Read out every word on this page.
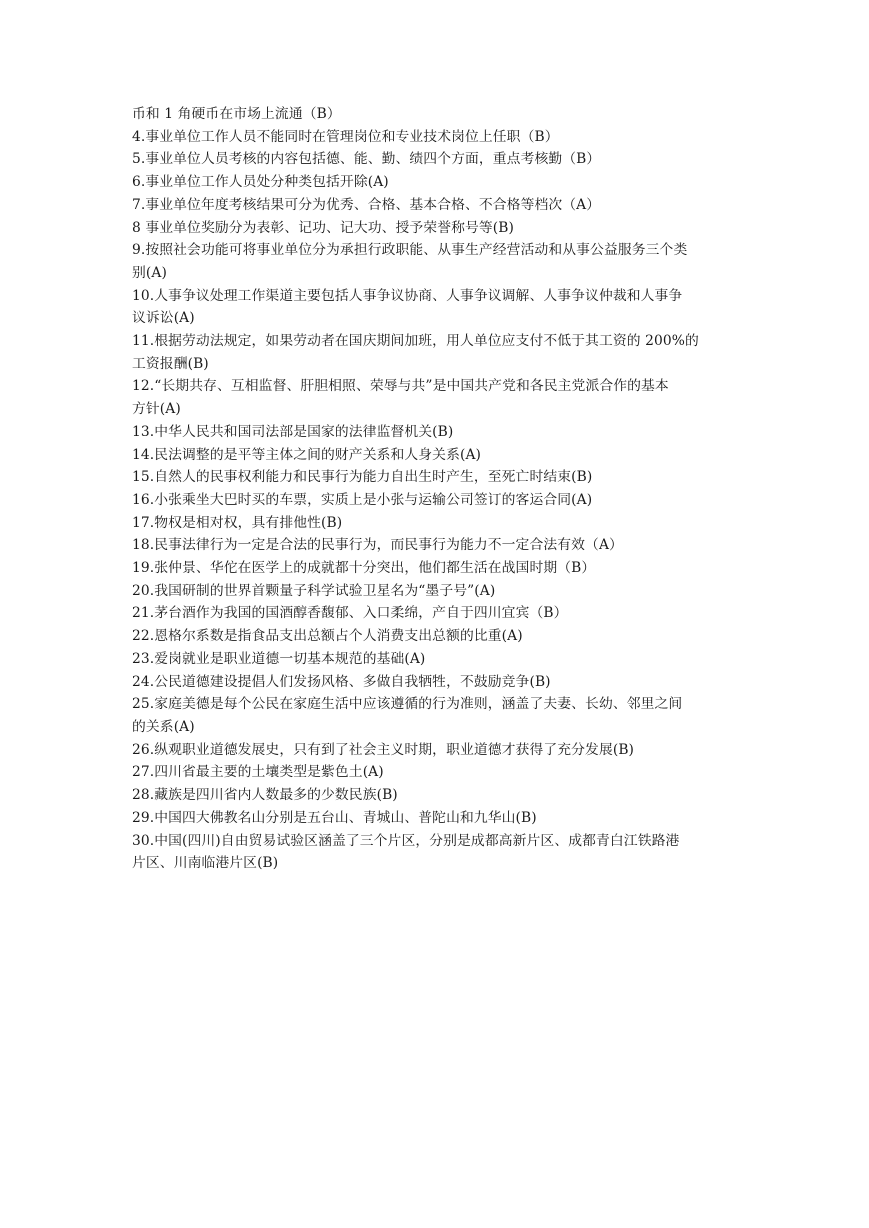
币和 1 角硬币在市场上流通（B）
4.事业单位工作人员不能同时在管理岗位和专业技术岗位上任职（B）
5.事业单位人员考核的内容包括德、能、勤、绩四个方面，重点考核勤（B）
6.事业单位工作人员处分种类包括开除(A)
7.事业单位年度考核结果可分为优秀、合格、基本合格、不合格等档次（A）
8 事业单位奖励分为表彰、记功、记大功、授予荣誉称号等(B)
9.按照社会功能可将事业单位分为承担行政职能、从事生产经营活动和从事公益服务三个类
别(A)
10.人事争议处理工作渠道主要包括人事争议协商、人事争议调解、人事争议仲裁和人事争
议诉讼(A)
11.根据劳动法规定，如果劳动者在国庆期间加班，用人单位应支付不低于其工资的 200%的
工资报酬(B)
12.“长期共存、互相监督、肝胆相照、荣辱与共”是中国共产党和各民主党派合作的基本
方针(A)
13.中华人民共和国司法部是国家的法律监督机关(B)
14.民法调整的是平等主体之间的财产关系和人身关系(A)
15.自然人的民事权利能力和民事行为能力自出生时产生，至死亡时结束(B)
16.小张乘坐大巴时买的车票，实质上是小张与运输公司签订的客运合同(A)
17.物权是相对权，具有排他性(B)
18.民事法律行为一定是合法的民事行为，而民事行为能力不一定合法有效（A）
19.张仲景、华佗在医学上的成就都十分突出，他们都生活在战国时期（B）
20.我国研制的世界首颗量子科学试验卫星名为“墨子号”(A)
21.茅台酒作为我国的国酒醇香馥郁、入口柔绵，产自于四川宜宾（B）
22.恩格尔系数是指食品支出总额占个人消费支出总额的比重(A)
23.爱岗就业是职业道德一切基本规范的基础(A)
24.公民道德建设提倡人们发扬风格、多做自我牺牲，不鼓励竞争(B)
25.家庭美德是每个公民在家庭生活中应该遵循的行为准则，涵盖了夫妻、长幼、邻里之间
的关系(A)
26.纵观职业道德发展史，只有到了社会主义时期，职业道德才获得了充分发展(B)
27.四川省最主要的土壤类型是紫色土(A)
28.藏族是四川省内人数最多的少数民族(B)
29.中国四大佛教名山分别是五台山、青城山、普陀山和九华山(B)
30.中国(四川)自由贸易试验区涵盖了三个片区，分别是成都高新片区、成都青白江铁路港
片区、川南临港片区(B)
